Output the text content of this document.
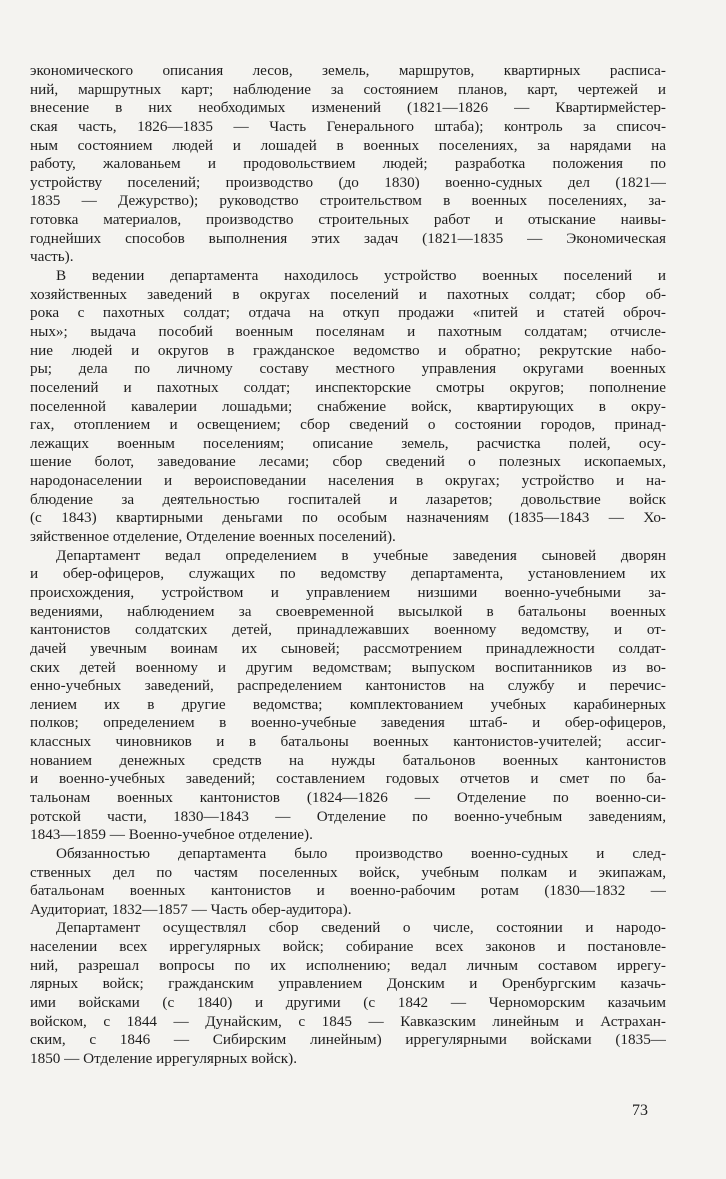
экономического описания лесов, земель, маршрутов, квартирных расписа-
ний, маршрутных карт; наблюдение за состоянием планов, карт, чертежей и
внесение в них необходимых изменений (1821—1826 — Квартирмейстер-
ская часть, 1826—1835 — Часть Генерального штаба); контроль за списоч-
ным состоянием людей и лошадей в военных поселениях, за нарядами на
работу, жалованьем и продовольствием людей; разработка положения по
устройству поселений; производство (до 1830) военно-судных дел (1821—
1835 — Дежурство); руководство строительством в военных поселениях, за-
готовка материалов, производство строительных работ и отыскание наивы-
годнейших способов выполнения этих задач (1821—1835 — Экономическая
часть).
В ведении департамента находилось устройство военных поселений и
хозяйственных заведений в округах поселений и пахотных солдат; сбор об-
рока с пахотных солдат; отдача на откуп продажи «питей и статей оброч-
ных»; выдача пособий военным поселянам и пахотным солдатам; отчисле-
ние людей и округов в гражданское ведомство и обратно; рекрутские набо-
ры; дела по личному составу местного управления округами военных
поселений и пахотных солдат; инспекторские смотры округов; пополнение
поселенной кавалерии лошадьми; снабжение войск, квартирующих в окру-
гах, отоплением и освещением; сбор сведений о состоянии городов, принад-
лежащих военным поселениям; описание земель, расчистка полей, осу-
шение болот, заведование лесами; сбор сведений о полезных ископаемых,
народонаселении и вероисповедании населения в округах; устройство и на-
блюдение за деятельностью госпиталей и лазаретов; довольствие войск
(с 1843) квартирными деньгами по особым назначениям (1835—1843 — Хо-
зяйственное отделение, Отделение военных поселений).
Департамент ведал определением в учебные заведения сыновей дворян
и обер-офицеров, служащих по ведомству департамента, установлением их
происхождения, устройством и управлением низшими военно-учебными за-
ведениями, наблюдением за своевременной высылкой в батальоны военных
кантонистов солдатских детей, принадлежавших военному ведомству, и от-
дачей увечным воинам их сыновей; рассмотрением принадлежности солдат-
ских детей военному и другим ведомствам; выпуском воспитанников из во-
енно-учебных заведений, распределением кантонистов на службу и перечис-
лением их в другие ведомства; комплектованием учебных карабинерных
полков; определением в военно-учебные заведения штаб- и обер-офицеров,
классных чиновников и в батальоны военных кантонистов-учителей; ассиг-
нованием денежных средств на нужды батальонов военных кантонистов
и военно-учебных заведений; составлением годовых отчетов и смет по ба-
тальонам военных кантонистов (1824—1826 — Отделение по военно-си-
ротской части, 1830—1843 — Отделение по военно-учебным заведениям,
1843—1859 — Военно-учебное отделение).
Обязанностью департамента было производство военно-судных и след-
ственных дел по частям поселенных войск, учебным полкам и экипажам,
батальонам военных кантонистов и военно-рабочим ротам (1830—1832 —
Аудиториат, 1832—1857 — Часть обер-аудитора).
Департамент осуществлял сбор сведений о числе, состоянии и народо-
населении всех иррегулярных войск; собирание всех законов и постановле-
ний, разрешал вопросы по их исполнению; ведал личным составом иррегу-
лярных войск; гражданским управлением Донским и Оренбургским казачь-
ими войсками (с 1840) и другими (с 1842 — Черноморским казачьим
войском, с 1844 — Дунайским, с 1845 — Кавказским линейным и Астрахан-
ским, с 1846 — Сибирским линейным) иррегулярными войсками (1835—
1850 — Отделение иррегулярных войск).
73
